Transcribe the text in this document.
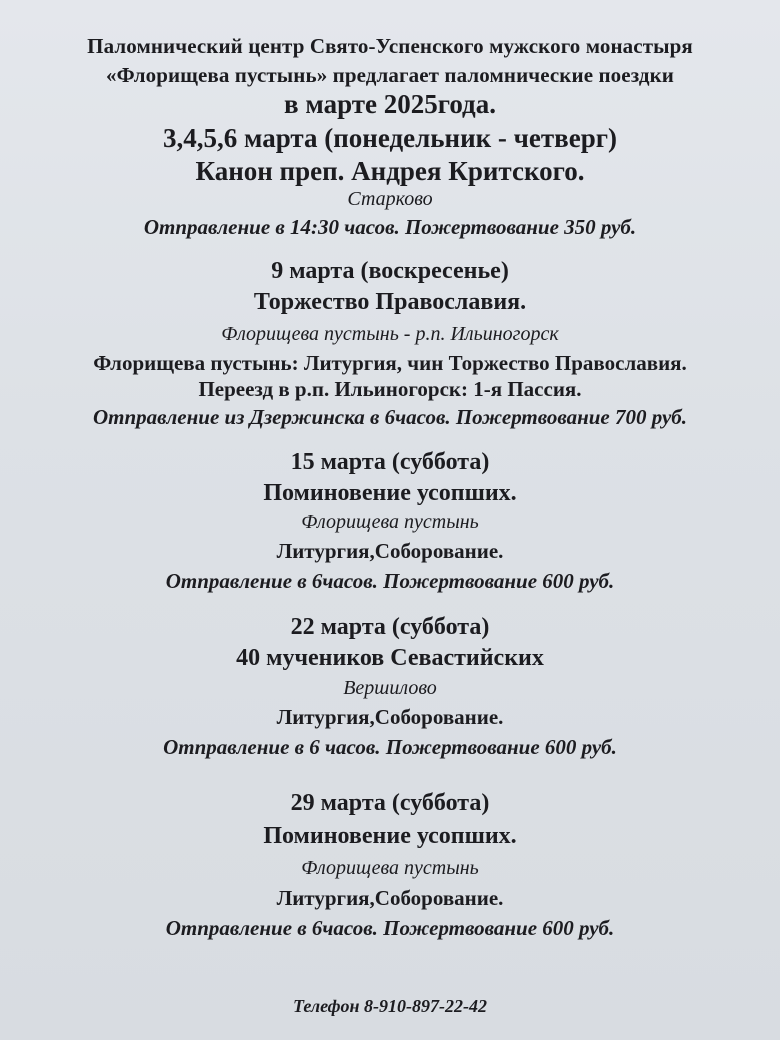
Паломнический центр Свято-Успенского мужского монастыря
«Флорищева пустынь» предлагает паломнические поездки
в марте 2025года.
3,4,5,6 марта (понедельник - четверг)
Канон преп. Андрея Критского.
Старково
Отправление в 14:30 часов. Пожертвование 350 руб.
9 марта (воскресенье)
Торжество Православия.
Флорищева пустынь - р.п. Ильиногорск
Флорищева пустынь: Литургия, чин Торжество Православия.
Переезд в р.п. Ильиногорск: 1-я Пассия.
Отправление из Дзержинска в 6часов. Пожертвование 700 руб.
15 марта (суббота)
Поминовение усопших.
Флорищева пустынь
Литургия,Соборование.
Отправление в 6часов. Пожертвование 600 руб.
22 марта (суббота)
40 мучеников Севастийских
Вершилово
Литургия,Соборование.
Отправление в 6 часов. Пожертвование 600 руб.
29 марта (суббота)
Поминовение усопших.
Флорищева пустынь
Литургия,Соборование.
Отправление в 6часов. Пожертвование 600 руб.
Телефон 8-910-897-22-42
